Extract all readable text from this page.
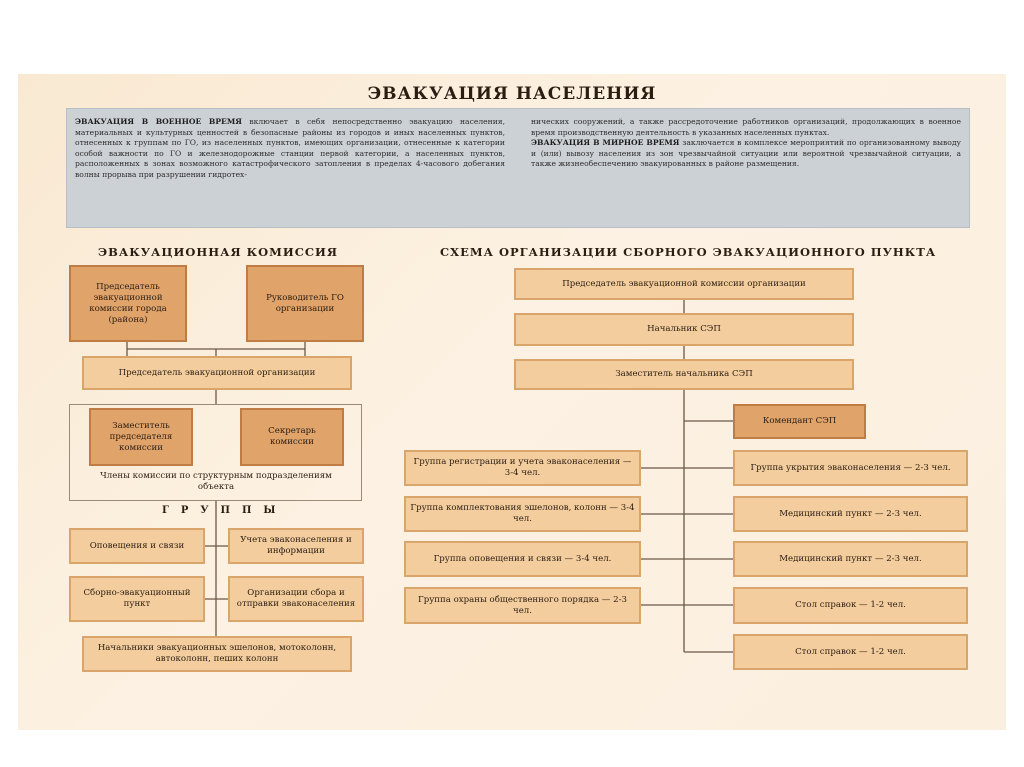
ЭВАКУАЦИЯ НАСЕЛЕНИЯ
ЭВАКУАЦИЯ В ВОЕННОЕ ВРЕМЯ включает в себя непосредственно эвакуацию населения, материальных и культурных ценностей в безопасные районы из городов и иных населенных пунктов, отнесенных к группам по ГО, из населенных пунктов, имеющих организации, отнесенные к категории особой важности по ГО и железнодорожные станции первой категории, а населенных пунктов, расположенных в зонах возможного катастрофического затопления в пределах 4-часового добегания волны прорыва при разрушении гидротех-
нических сооружений, а также рассредоточение работников организаций, продолжающих в военное время производственную деятельность в указанных населенных пунктах.
ЭВАКУАЦИЯ В МИРНОЕ ВРЕМЯ заключается в комплексе мероприятий по организованному выводу и (или) вывозу населения из зон чрезвычайной ситуации или вероятной чрезвычайной ситуации, а также жизнеобеспечению эвакуированных в районе размещения.
ЭВАКУАЦИОННАЯ КОМИССИЯ
Председатель эвакуационной комиссии города (района)
Руководитель ГО организации
Председатель эвакуационной организации
Заместитель председателя комиссии
Секретарь комиссии
Члены комиссии по структурным подразделениям объекта
ГРУППЫ
Оповещения и связи
Учета эваконаселения и информации
Сборно-эвакуационный пункт
Организации сбора и отправки эваконаселения
Начальники эвакуационных эшелонов, мотоколонн, автоколонн, пеших колонн
СХЕМА ОРГАНИЗАЦИИ СБОРНОГО ЭВАКУАЦИОННОГО ПУНКТА
Председатель эвакуационной комиссии организации
Начальник СЭП
Заместитель начальника СЭП
Комендант СЭП
Группа регистрации и учета эваконаселения — 3-4 чел.
Группа комплектования эшелонов, колонн — 3-4 чел.
Группа оповещения и связи — 3-4 чел.
Группа охраны общественного порядка — 2-3 чел.
Группа укрытия эваконаселения — 2-3 чел.
Медицинский пункт — 2-3 чел.
Медицинский пункт — 2-3 чел.
Стол справок — 1-2 чел.
Стол справок — 1-2 чел.
